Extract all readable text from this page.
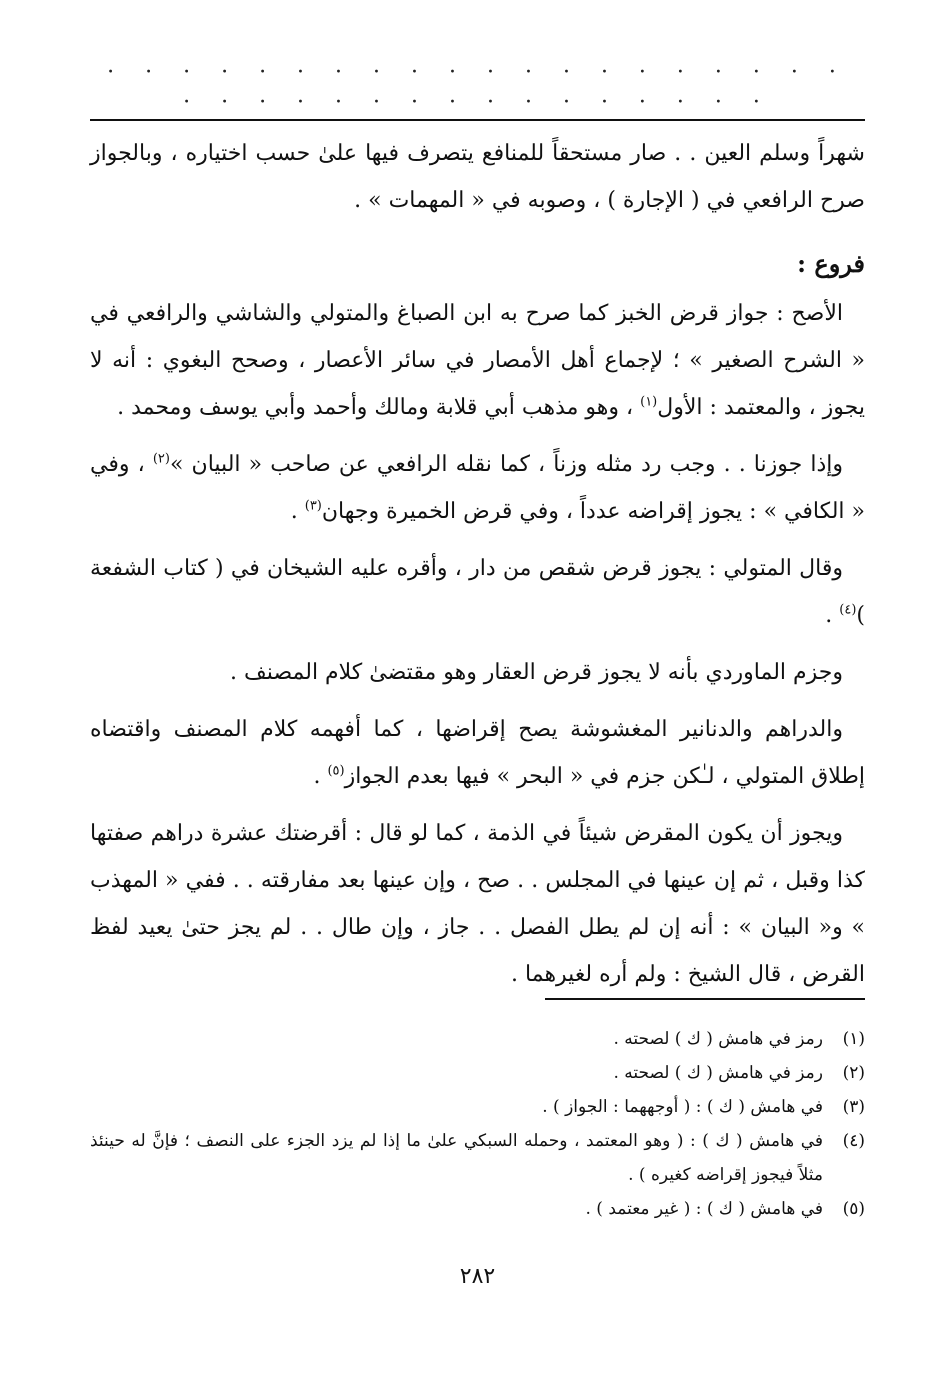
· · · · · · · · · · · · · · · · · · · · · · · · · · · · · · · · · · · ·

شهراً وسلم العين . . صار مستحقاً للمنافع يتصرف فيها علىٰ حسب اختياره ، وبالجواز صرح الرافعي في ( الإجارة ) ، وصوبه في « المهمات » .

فروع :

الأصح : جواز قرض الخبز كما صرح به ابن الصباغ والمتولي والشاشي والرافعي في « الشرح الصغير » ؛ لإجماع أهل الأمصار في سائر الأعصار ، وصحح البغوي : أنه لا يجوز ، والمعتمد : الأول$^{(١)}$ ، وهو مذهب أبي قلابة ومالك وأحمد وأبي يوسف ومحمد .

وإذا جوزنا . . وجب رد مثله وزناً ، كما نقله الرافعي عن صاحب « البيان »$^{(٢)}$ ، وفي « الكافي » : يجوز إقراضه عدداً ، وفي قرض الخميرة وجهان$^{(٣)}$ .

وقال المتولي : يجوز قرض شقص من دار ، وأقره عليه الشيخان في ( كتاب الشفعة )$^{(٤)}$ .

وجزم الماوردي بأنه لا يجوز قرض العقار وهو مقتضىٰ كلام المصنف .

والدراهم والدنانير المغشوشة يصح إقراضها ، كما أفهمه كلام المصنف واقتضاه إطلاق المتولي ، لـٰكن جزم في « البحر » فيها بعدم الجواز$^{(٥)}$ .

ويجوز أن يكون المقرض شيئاً في الذمة ، كما لو قال : أقرضتك عشرة دراهم صفتها كذا وقبل ، ثم إن عينها في المجلس . . صح ، وإن عينها بعد مفارقته . . ففي « المهذب » و« البيان » : أنه إن لم يطل الفصل . . جاز ، وإن طال . . لم يجز حتىٰ يعيد لفظ القرض ، قال الشيخ : ولم أره لغيرهما .

(١)
رمز في هامش ( ك ) لصحته .
(٢)
رمز في هامش ( ك ) لصحته .
(٣)
في هامش ( ك ) : ( أوجههما : الجواز ) .
(٤)
في هامش ( ك ) : ( وهو المعتمد ، وحمله السبكي علىٰ ما إذا لم يزد الجزء على النصف ؛ فإنَّ له حينئذ مثلاً فيجوز إقراضه كغيره ) .
(٥)
في هامش ( ك ) : ( غير معتمد ) .
٢٨٢
